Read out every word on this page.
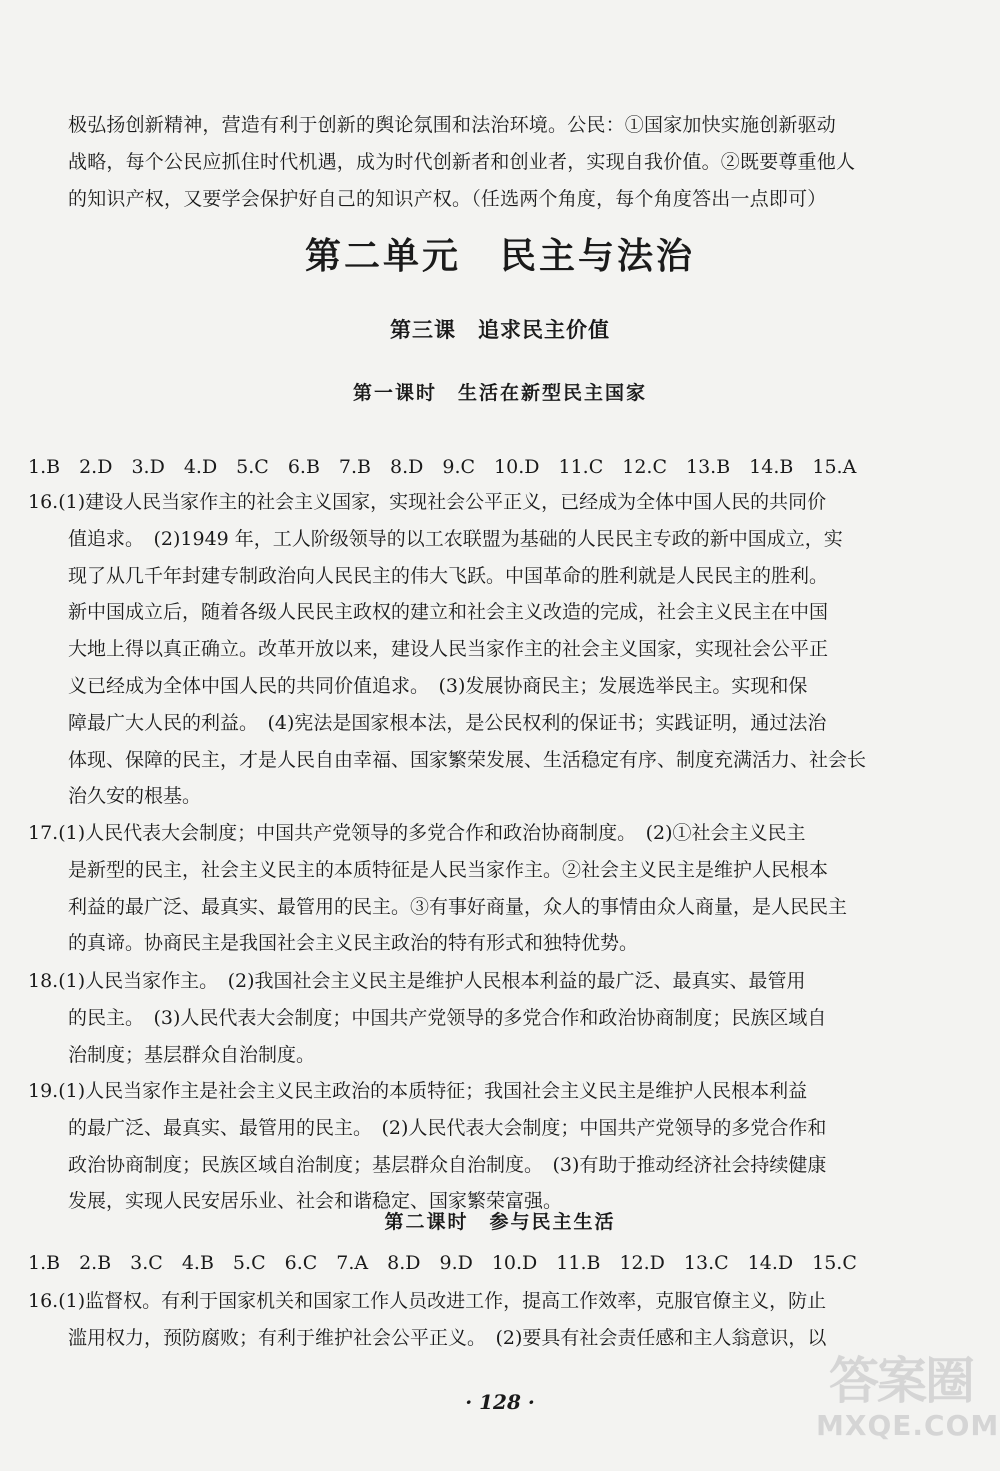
极弘扬创新精神，营造有利于创新的舆论氛围和法治环境。公民：①国家加快实施创新驱动

战略，每个公民应抓住时代机遇，成为时代创新者和创业者，实现自我价值。②既要尊重他人

的知识产权，又要学会保护好自己的知识产权。（任选两个角度，每个角度答出一点即可）

第二单元　民主与法治
第三课　追求民主价值
第一课时　生活在新型民主国家
1.B　2.D　3.D　4.D　5.C　6.B　7.B　8.D　9.C　10.D　11.C　12.C　13.B　14.B　15.A

16.(1)建设人民当家作主的社会主义国家，实现社会公平正义，已经成为全体中国人民的共同价

值追求。　(2)1949 年，工人阶级领导的以工农联盟为基础的人民民主专政的新中国成立，实

现了从几千年封建专制政治向人民民主的伟大飞跃。中国革命的胜利就是人民民主的胜利。

新中国成立后，随着各级人民民主政权的建立和社会主义改造的完成，社会主义民主在中国

大地上得以真正确立。改革开放以来，建设人民当家作主的社会主义国家，实现社会公平正

义已经成为全体中国人民的共同价值追求。　(3)发展协商民主；发展选举民主。实现和保

障最广大人民的利益。　(4)宪法是国家根本法，是公民权利的保证书；实践证明，通过法治

体现、保障的民主，才是人民自由幸福、国家繁荣发展、生活稳定有序、制度充满活力、社会长

治久安的根基。

17.(1)人民代表大会制度；中国共产党领导的多党合作和政治协商制度。　(2)①社会主义民主

是新型的民主，社会主义民主的本质特征是人民当家作主。②社会主义民主是维护人民根本

利益的最广泛、最真实、最管用的民主。③有事好商量，众人的事情由众人商量，是人民民主

的真谛。协商民主是我国社会主义民主政治的特有形式和独特优势。

18.(1)人民当家作主。　(2)我国社会主义民主是维护人民根本利益的最广泛、最真实、最管用

的民主。　(3)人民代表大会制度；中国共产党领导的多党合作和政治协商制度；民族区域自

治制度；基层群众自治制度。

19.(1)人民当家作主是社会主义民主政治的本质特征；我国社会主义民主是维护人民根本利益

的最广泛、最真实、最管用的民主。　(2)人民代表大会制度；中国共产党领导的多党合作和

政治协商制度；民族区域自治制度；基层群众自治制度。　(3)有助于推动经济社会持续健康

发展，实现人民安居乐业、社会和谐稳定、国家繁荣富强。

第二课时　参与民主生活
1.B　2.B　3.C　4.B　5.C　6.C　7.A　8.D　9.D　10.D　11.B　12.D　13.C　14.D　15.C

16.(1)监督权。有利于国家机关和国家工作人员改进工作，提高工作效率，克服官僚主义，防止

滥用权力，预防腐败；有利于维护社会公平正义。　(2)要具有社会责任感和主人翁意识，以

· 128 ·	答案圈
MXQE.COM
